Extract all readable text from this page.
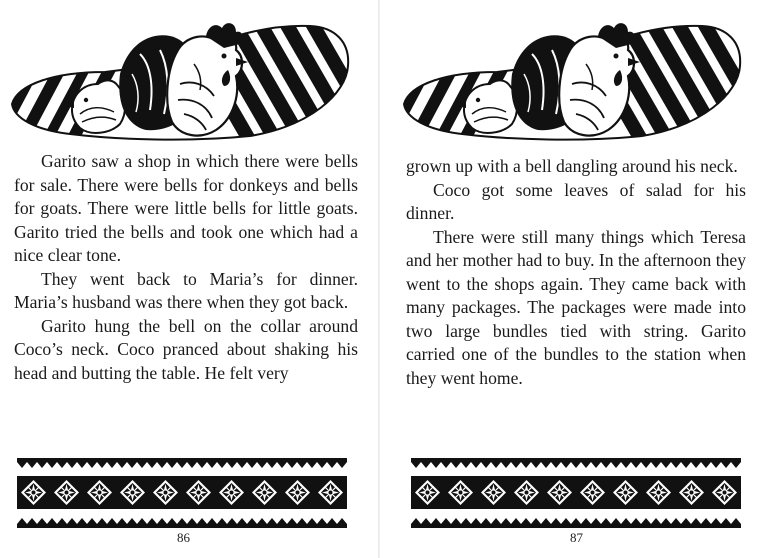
Garito saw a shop in which there were bells for sale. There were bells for donkeys and bells for goats. There were little bells for little goats. Garito tried the bells and took one which had a nice clear tone.

They went back to Maria’s for dinner. Maria’s husband was there when they got back.

Garito hung the bell on the collar around Coco’s neck. Coco pranced about shaking his head and butting the table. He felt very

86

grown up with a bell dangling around his neck.

Coco got some leaves of salad for his dinner.

There were still many things which Teresa and her mother had to buy. In the afternoon they went to the shops again. They came back with many packages. The packages were made into two large bundles tied with string. Garito carried one of the bundles to the station when they went home.

87
